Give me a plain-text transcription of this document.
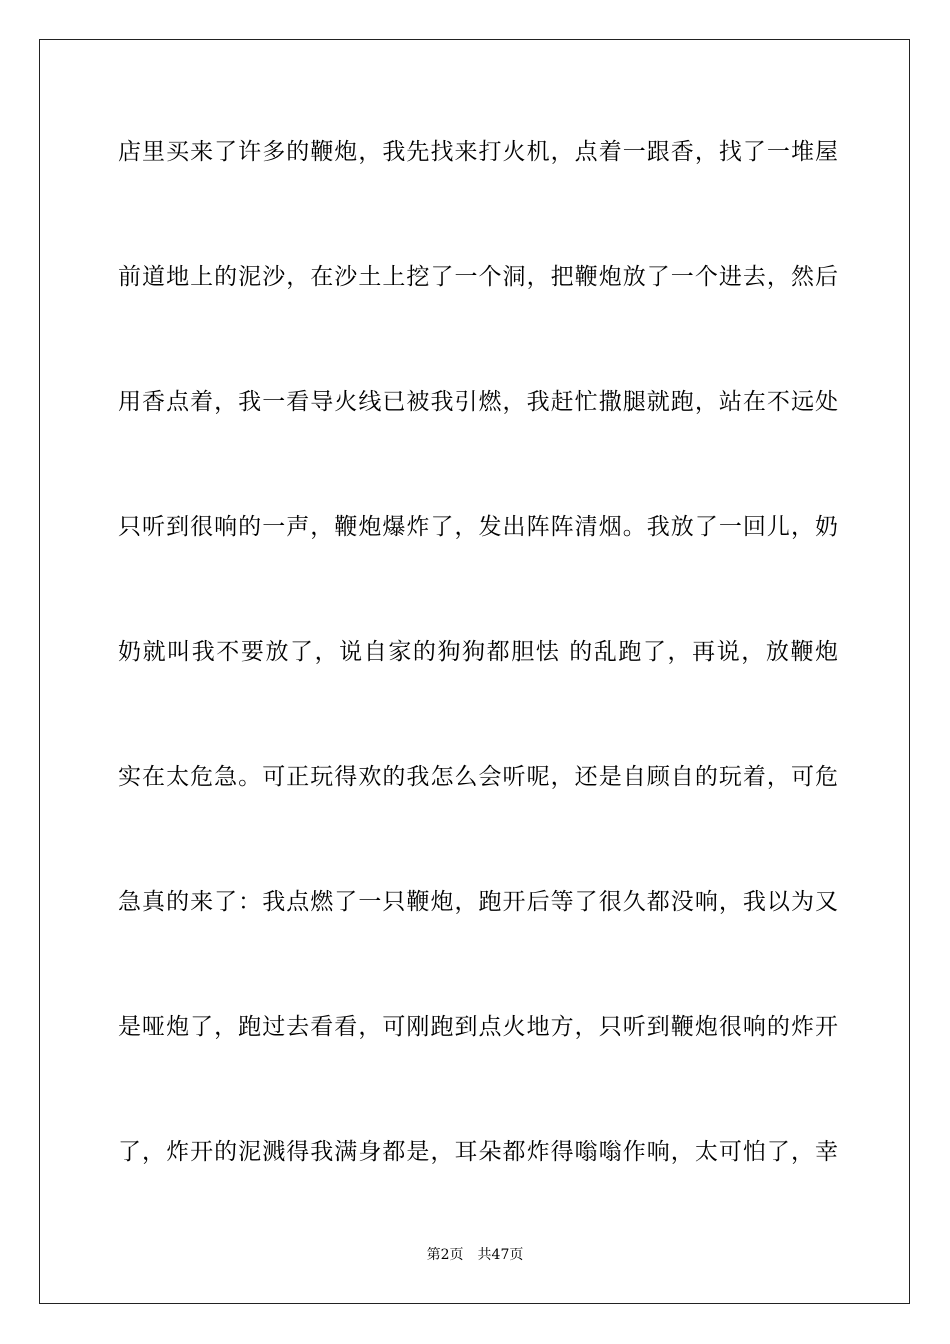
店里买来了许多的鞭炮，我先找来打火机，点着一跟香，找了一堆屋
前道地上的泥沙，在沙土上挖了一个洞，把鞭炮放了一个进去，然后
用香点着，我一看导火线已被我引燃，我赶忙撒腿就跑，站在不远处
只听到很响的一声，鞭炮爆炸了，发出阵阵清烟。我放了一回儿，奶
奶就叫我不要放了，说自家的狗狗都胆怯 的乱跑了，再说，放鞭炮
实在太危急。可正玩得欢的我怎么会听呢，还是自顾自的玩着，可危
急真的来了：我点燃了一只鞭炮，跑开后等了很久都没响，我以为又
是哑炮了，跑过去看看，可刚跑到点火地方，只听到鞭炮很响的炸开
了，炸开的泥溅得我满身都是，耳朵都炸得嗡嗡作响，太可怕了，幸
第2页　共47页
